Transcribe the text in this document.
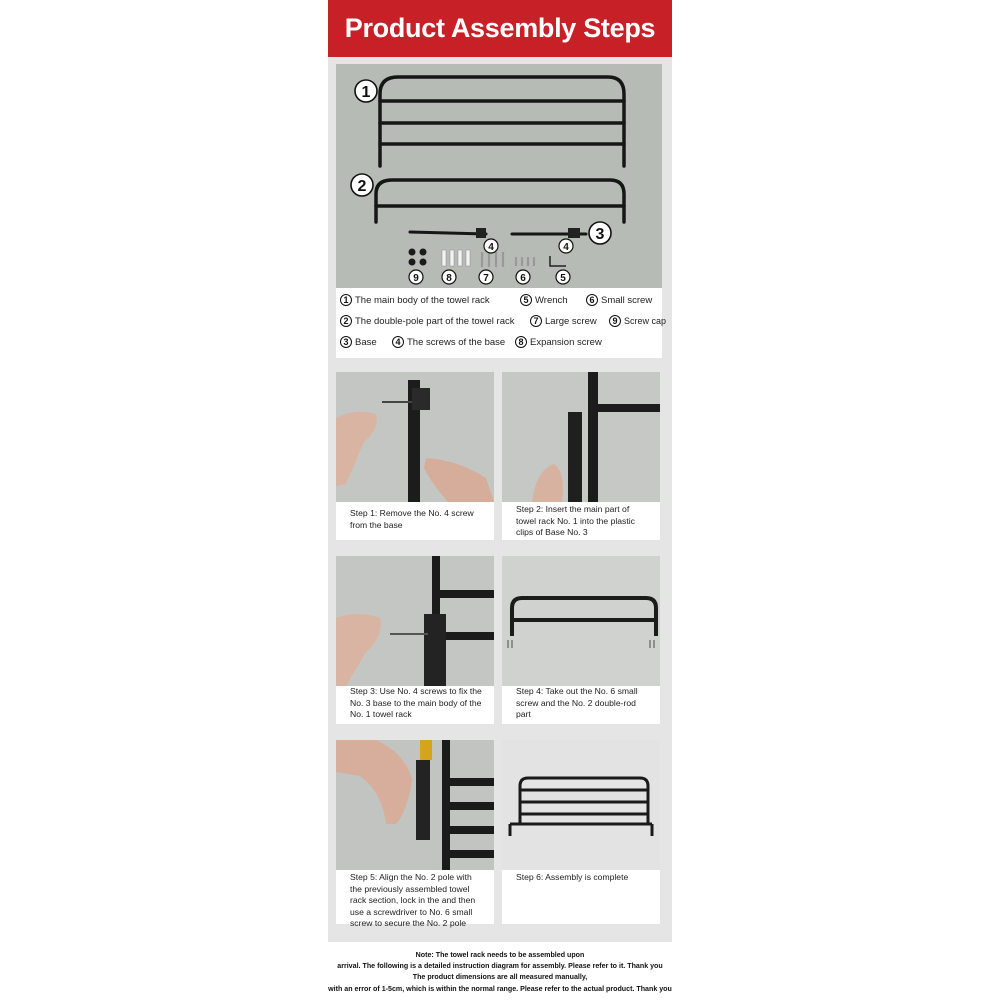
Product Assembly Steps
1
2
3
4	4
9	8	7	6	5
1 The main body of the towel rack	5 Wrench	6 Small screw
2 The double-pole part of the towel rack	7 Large screw	9 Screw cap
3 Base	4 The screws of the base	8 Expansion screw
Step 1: Remove the No. 4 screw from the base
Step 2: Insert the main part of towel rack No. 1 into the plastic clips of Base No. 3
Step 3: Use No. 4 screws to fix the No. 3 base to the main body of the No. 1 towel rack
Step 4: Take out the No. 6 small screw and the No. 2 double-rod part
Step 5: Align the No. 2 pole with the previously assembled towel rack section, lock in the and then use a screwdriver to No. 6 small screw to secure the No. 2 pole
Step 6: Assembly is complete
Note: The towel rack needs to be assembled upon
arrival. The following is a detailed instruction diagram for assembly. Please refer to it. Thank you
The product dimensions are all measured manually,
with an error of 1-5cm, which is within the normal range. Please refer to the actual product. Thank you
